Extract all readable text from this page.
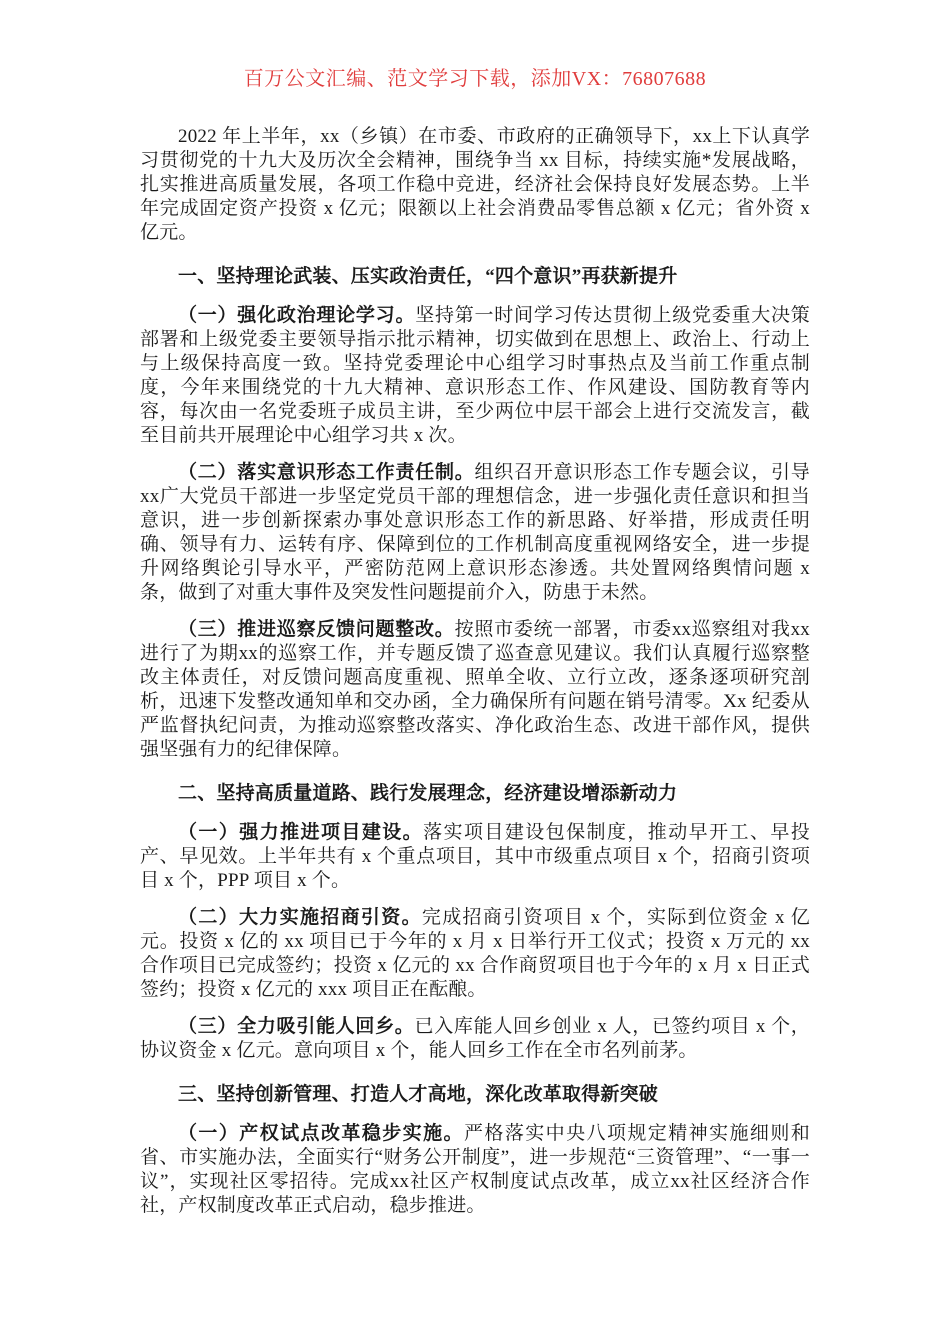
百万公文汇编、范文学习下载，添加VX：76807688

2022 年上半年，xx（乡镇）在市委、市政府的正确领导下，xx上下认真学习贯彻党的十九大及历次全会精神，围绕争当 xx 目标，持续实施*发展战略，扎实推进高质量发展，各项工作稳中竞进，经济社会保持良好发展态势。上半年完成固定资产投资 x 亿元；限额以上社会消费品零售总额 x 亿元；省外资 x 亿元。

一、坚持理论武装、压实政治责任，“四个意识”再获新提升

（一）强化政治理论学习。坚持第一时间学习传达贯彻上级党委重大决策部署和上级党委主要领导指示批示精神，切实做到在思想上、政治上、行动上与上级保持高度一致。坚持党委理论中心组学习时事热点及当前工作重点制度，今年来围绕党的十九大精神、意识形态工作、作风建设、国防教育等内容，每次由一名党委班子成员主讲，至少两位中层干部会上进行交流发言，截至目前共开展理论中心组学习共 x 次。

（二）落实意识形态工作责任制。组织召开意识形态工作专题会议，引导xx广大党员干部进一步坚定党员干部的理想信念，进一步强化责任意识和担当意识，进一步创新探索办事处意识形态工作的新思路、好举措，形成责任明确、领导有力、运转有序、保障到位的工作机制高度重视网络安全，进一步提升网络舆论引导水平，严密防范网上意识形态渗透。共处置网络舆情问题 x 条，做到了对重大事件及突发性问题提前介入，防患于未然。

（三）推进巡察反馈问题整改。按照市委统一部署，市委xx巡察组对我xx进行了为期xx的巡察工作，并专题反馈了巡查意见建议。我们认真履行巡察整改主体责任，对反馈问题高度重视、照单全收、立行立改，逐条逐项研究剖析，迅速下发整改通知单和交办函，全力确保所有问题在销号清零。Xx 纪委从严监督执纪问责，为推动巡察整改落实、净化政治生态、改进干部作风，提供强坚强有力的纪律保障。

二、坚持高质量道路、践行发展理念，经济建设增添新动力

（一）强力推进项目建设。落实项目建设包保制度，推动早开工、早投产、早见效。上半年共有 x 个重点项目，其中市级重点项目 x 个，招商引资项目 x 个，PPP 项目 x 个。

（二）大力实施招商引资。完成招商引资项目 x 个，实际到位资金 x 亿元。投资 x 亿的 xx 项目已于今年的 x 月 x 日举行开工仪式；投资 x 万元的 xx 合作项目已完成签约；投资 x 亿元的 xx 合作商贸项目也于今年的 x 月 x 日正式签约；投资 x 亿元的 xxx 项目正在酝酿。

（三）全力吸引能人回乡。已入库能人回乡创业 x 人，已签约项目 x 个，协议资金 x 亿元。意向项目 x 个，能人回乡工作在全市名列前茅。

三、坚持创新管理、打造人才高地，深化改革取得新突破

（一）产权试点改革稳步实施。严格落实中央八项规定精神实施细则和省、市实施办法，全面实行“财务公开制度”，进一步规范“三资管理”、“一事一议”，实现社区零招待。完成xx社区产权制度试点改革，成立xx社区经济合作社，产权制度改革正式启动，稳步推进。
